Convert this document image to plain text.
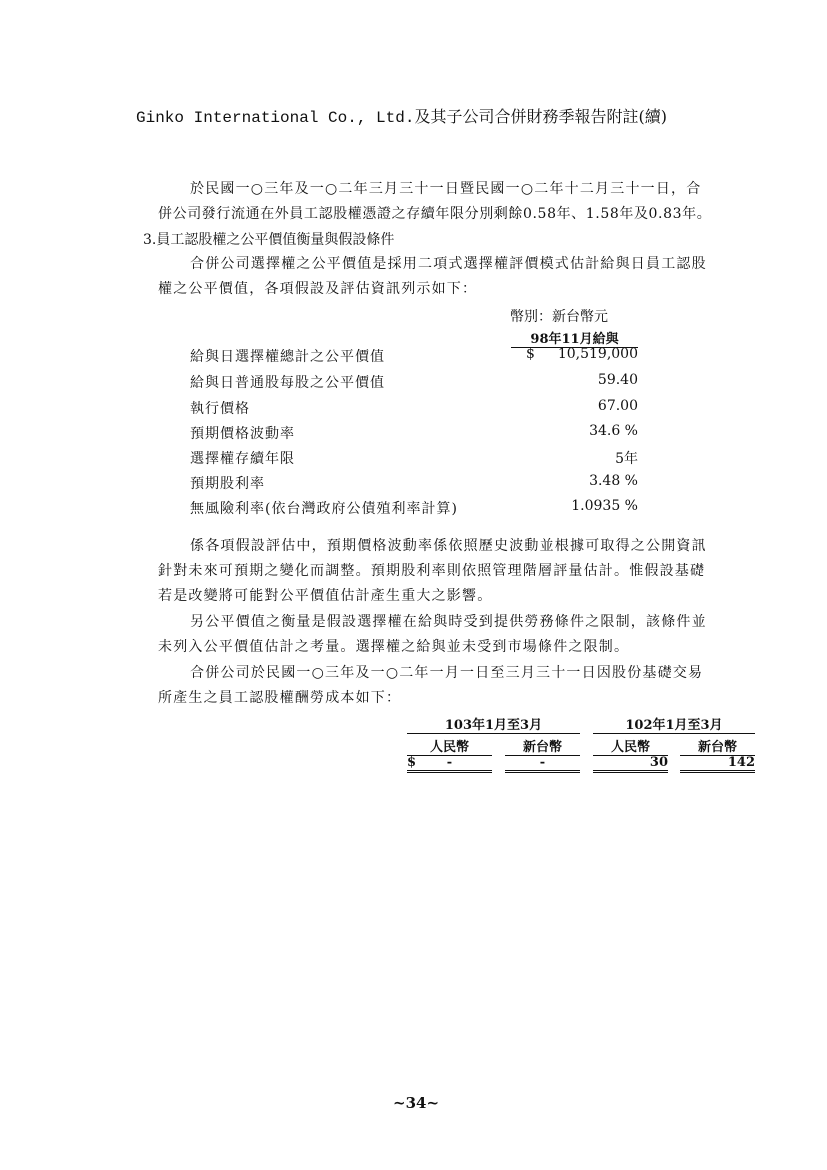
Ginko International Co., Ltd.及其子公司合併財務季報告附註(續)
於民國一○三年及一○二年三月三十一日暨民國一○二年十二月三十一日，合
併公司發行流通在外員工認股權憑證之存續年限分別剩餘0.58年、1.58年及0.83年。
3.員工認股權之公平價值衡量與假設條件
合併公司選擇權之公平價值是採用二項式選擇權評價模式估計給與日員工認股
權之公平價值，各項假設及評估資訊列示如下：
幣別：新台幣元
98年11月給與
$
給與日選擇權總計之公平價值	10,519,000
給與日普通股每股之公平價值	59.40
執行價格	67.00
預期價格波動率	34.6 %
選擇權存續年限	5年
預期股利率	3.48 %
無風險利率(依台灣政府公債殖利率計算)	1.0935 %
係各項假設評估中，預期價格波動率係依照歷史波動並根據可取得之公開資訊
針對未來可預期之變化而調整。預期股利率則依照管理階層評量估計。惟假設基礎
若是改變將可能對公平價值估計產生重大之影響。
另公平價值之衡量是假設選擇權在給與時受到提供勞務條件之限制，該條件並
未列入公平價值估計之考量。選擇權之給與並未受到市場條件之限制。
合併公司於民國一○三年及一○二年一月一日至三月三十一日因股份基礎交易
所產生之員工認股權酬勞成本如下：
103年1月至3月	102年1月至3月
人民幣	新台幣	人民幣	新台幣
$	-	-	30	142
~34~
